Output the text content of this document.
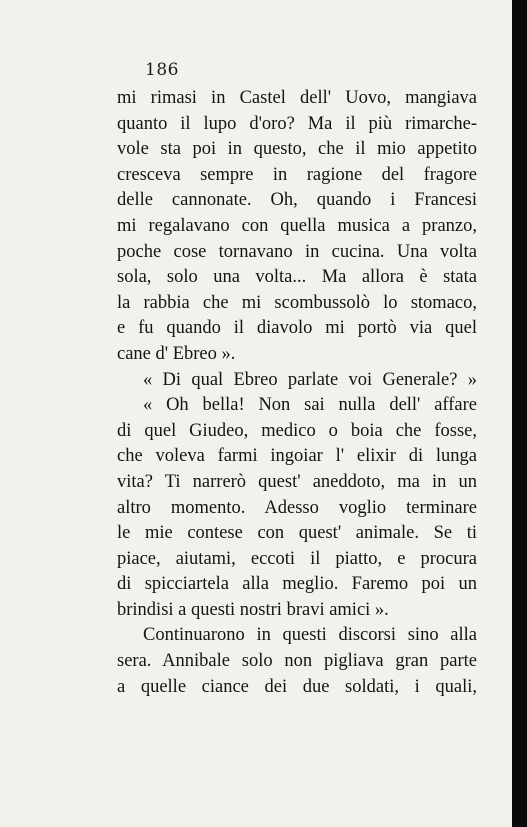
186
mi rimasi in Castel dell' Uovo, mangiava
quanto il lupo d'oro? Ma il più rimarche-
vole sta poi in questo, che il mio appetito
cresceva sempre in ragione del fragore
delle cannonate. Oh, quando i Francesi
mi regalavano con quella musica a pranzo,
poche cose tornavano in cucina. Una volta
sola, solo una volta... Ma allora è stata
la rabbia che mi scombussolò lo stomaco,
e fu quando il diavolo mi portò via quel
cane d' Ebreo ».
« Di qual Ebreo parlate voi Generale? »
« Oh bella! Non sai nulla dell' affare
di quel Giudeo, medico o boia che fosse,
che voleva farmi ingoiar l' elixir di lunga
vita? Ti narrerò quest' aneddoto, ma in un
altro momento. Adesso voglio terminare
le mie contese con quest' animale. Se ti
piace, aiutami, eccoti il piatto, e procura
di spicciartela alla meglio. Faremo poi un
brindisi a questi nostri bravi amici ».
Continuarono in questi discorsi sino alla
sera. Annibale solo non pigliava gran parte
a quelle ciance dei due soldati, i quali,
